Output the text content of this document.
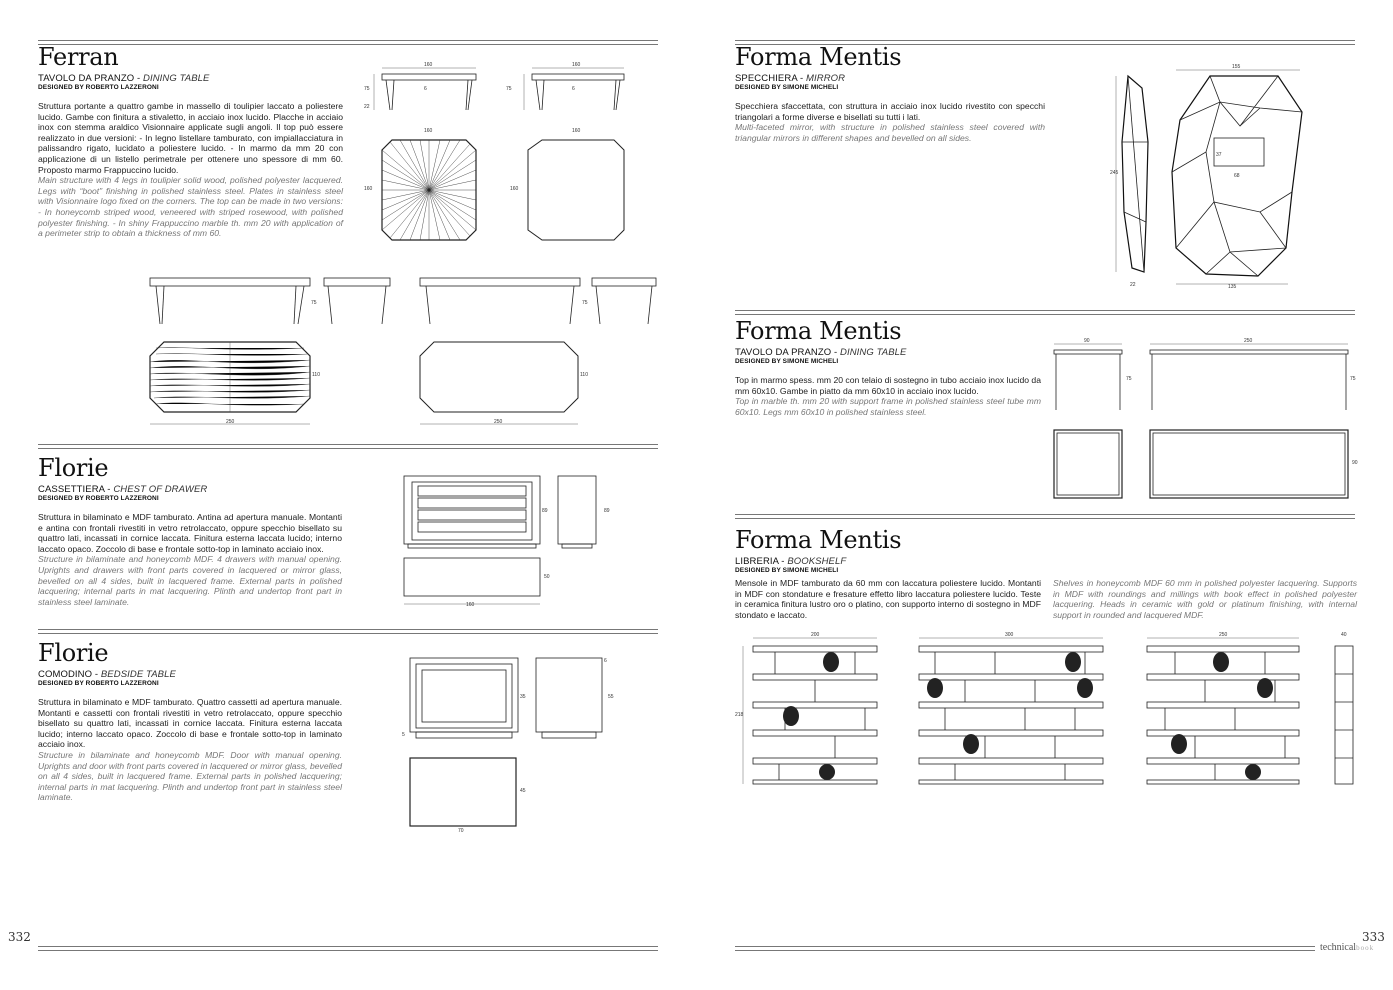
332	333
technicalbook
Ferran
TAVOLO DA PRANZO - DINING TABLE
DESIGNED BY ROBERTO LAZZERONI
Struttura portante a quattro gambe in massello di toulipier laccato a poliestere lucido. Gambe con finitura a stivaletto, in acciaio inox lucido. Placche in acciaio inox con stemma araldico Visionnaire applicate sugli angoli. Il top può essere realizzato in due versioni: - In legno listellare tamburato, con impiallacciatura in palissandro rigato, lucidato a poliestere lucido. - In marmo da mm 20 con applicazione di un listello perimetrale per ottenere uno spessore di mm 60. Proposto marmo Frappuccino lucido.
Main structure with 4 legs in toulipier solid wood, polished polyester lacquered. Legs with “boot” finishing in polished stainless steel. Plates in stainless steel with Visionnaire logo fixed on the corners. The top can be made in two versions: - In honeycomb striped wood, veneered with striped rosewood, with polished polyester finishing. - In shiny Frappuccino marble th. mm 20 with application of a perimeter strip to obtain a thickness of mm 60.
160
75
22
6
160
75	6
160
160
160
160
75	75
110
250
110
250
Florie
CASSETTIERA - CHEST OF DRAWER
DESIGNED BY ROBERTO LAZZERONI
Struttura in bilaminato e MDF tamburato. Antina ad apertura manuale. Montanti e antina con frontali rivestiti in vetro retrolaccato, oppure specchio bisellato su quattro lati, incassati in cornice laccata. Finitura esterna laccata lucido; interno laccato opaco. Zoccolo di base e frontale sotto-top in laminato acciaio inox.
Structure in bilaminate and honeycomb MDF. 4 drawers with manual opening. Uprights and drawers with front parts covered in lacquered or mirror glass, bevelled on all 4 sides, built in lacquered frame. External parts in polished lacquering; internal parts in mat lacquering. Plinth and undertop front part in stainless steel laminate.
89	89
50
160
Florie
COMODINO - BEDSIDE TABLE
DESIGNED BY ROBERTO LAZZERONI
Struttura in bilaminato e MDF tamburato. Quattro cassetti ad apertura manuale. Montanti e cassetti con frontali rivestiti in vetro retrolaccato, oppure specchio bisellato su quattro lati, incassati in cornice laccata. Finitura esterna laccata lucido; interno laccato opaco. Zoccolo di base e frontale sotto-top in laminato acciaio inox.
Structure in bilaminate and honeycomb MDF. Door with manual opening. Uprights and door with front parts covered in lacquered or mirror glass, bevelled on all 4 sides, built in lacquered frame. External parts in polished lacquering; internal parts in mat lacquering. Plinth and undertop front part in stainless steel laminate.
35
5
6
55
45
70
Forma Mentis
SPECCHIERA - MIRROR
DESIGNED BY SIMONE MICHELI
Specchiera sfaccettata, con struttura in acciaio inox lucido rivestito con specchi triangolari a forme diverse e bisellati su tutti i lati.
Multi-faceted mirror, with structure in polished stainless steel covered with triangular mirrors in different shapes and bevelled on all sides.
245
22
155
37
68
135
Forma Mentis
TAVOLO DA PRANZO - DINING TABLE
DESIGNED BY SIMONE MICHELI
Top in marmo spess. mm 20 con telaio di sostegno in tubo acciaio inox lucido da mm 60x10. Gambe in piatto da mm 60x10 in acciaio inox lucido.
Top in marble th. mm 20 with support frame in polished stainless steel tube mm 60x10. Legs mm 60x10 in polished stainless steel.
90
75
250
75
90
Forma Mentis
LIBRERIA - BOOKSHELF
DESIGNED BY SIMONE MICHELI
Mensole in MDF tamburato da 60 mm con laccatura poliestere lucido. Montanti in MDF con stondature e fresature effetto libro laccatura poliestere lucido. Teste in ceramica finitura lustro oro o platino, con supporto interno di sostegno in MDF stondato e laccato.
Shelves in honeycomb MDF 60 mm in polished polyester lacquering. Supports in MDF with roundings and millings with book effect in polished polyester lacquering. Heads in ceramic with gold or platinum finishing, with internal support in rounded and lacquered MDF.
200
218
300	250	40
